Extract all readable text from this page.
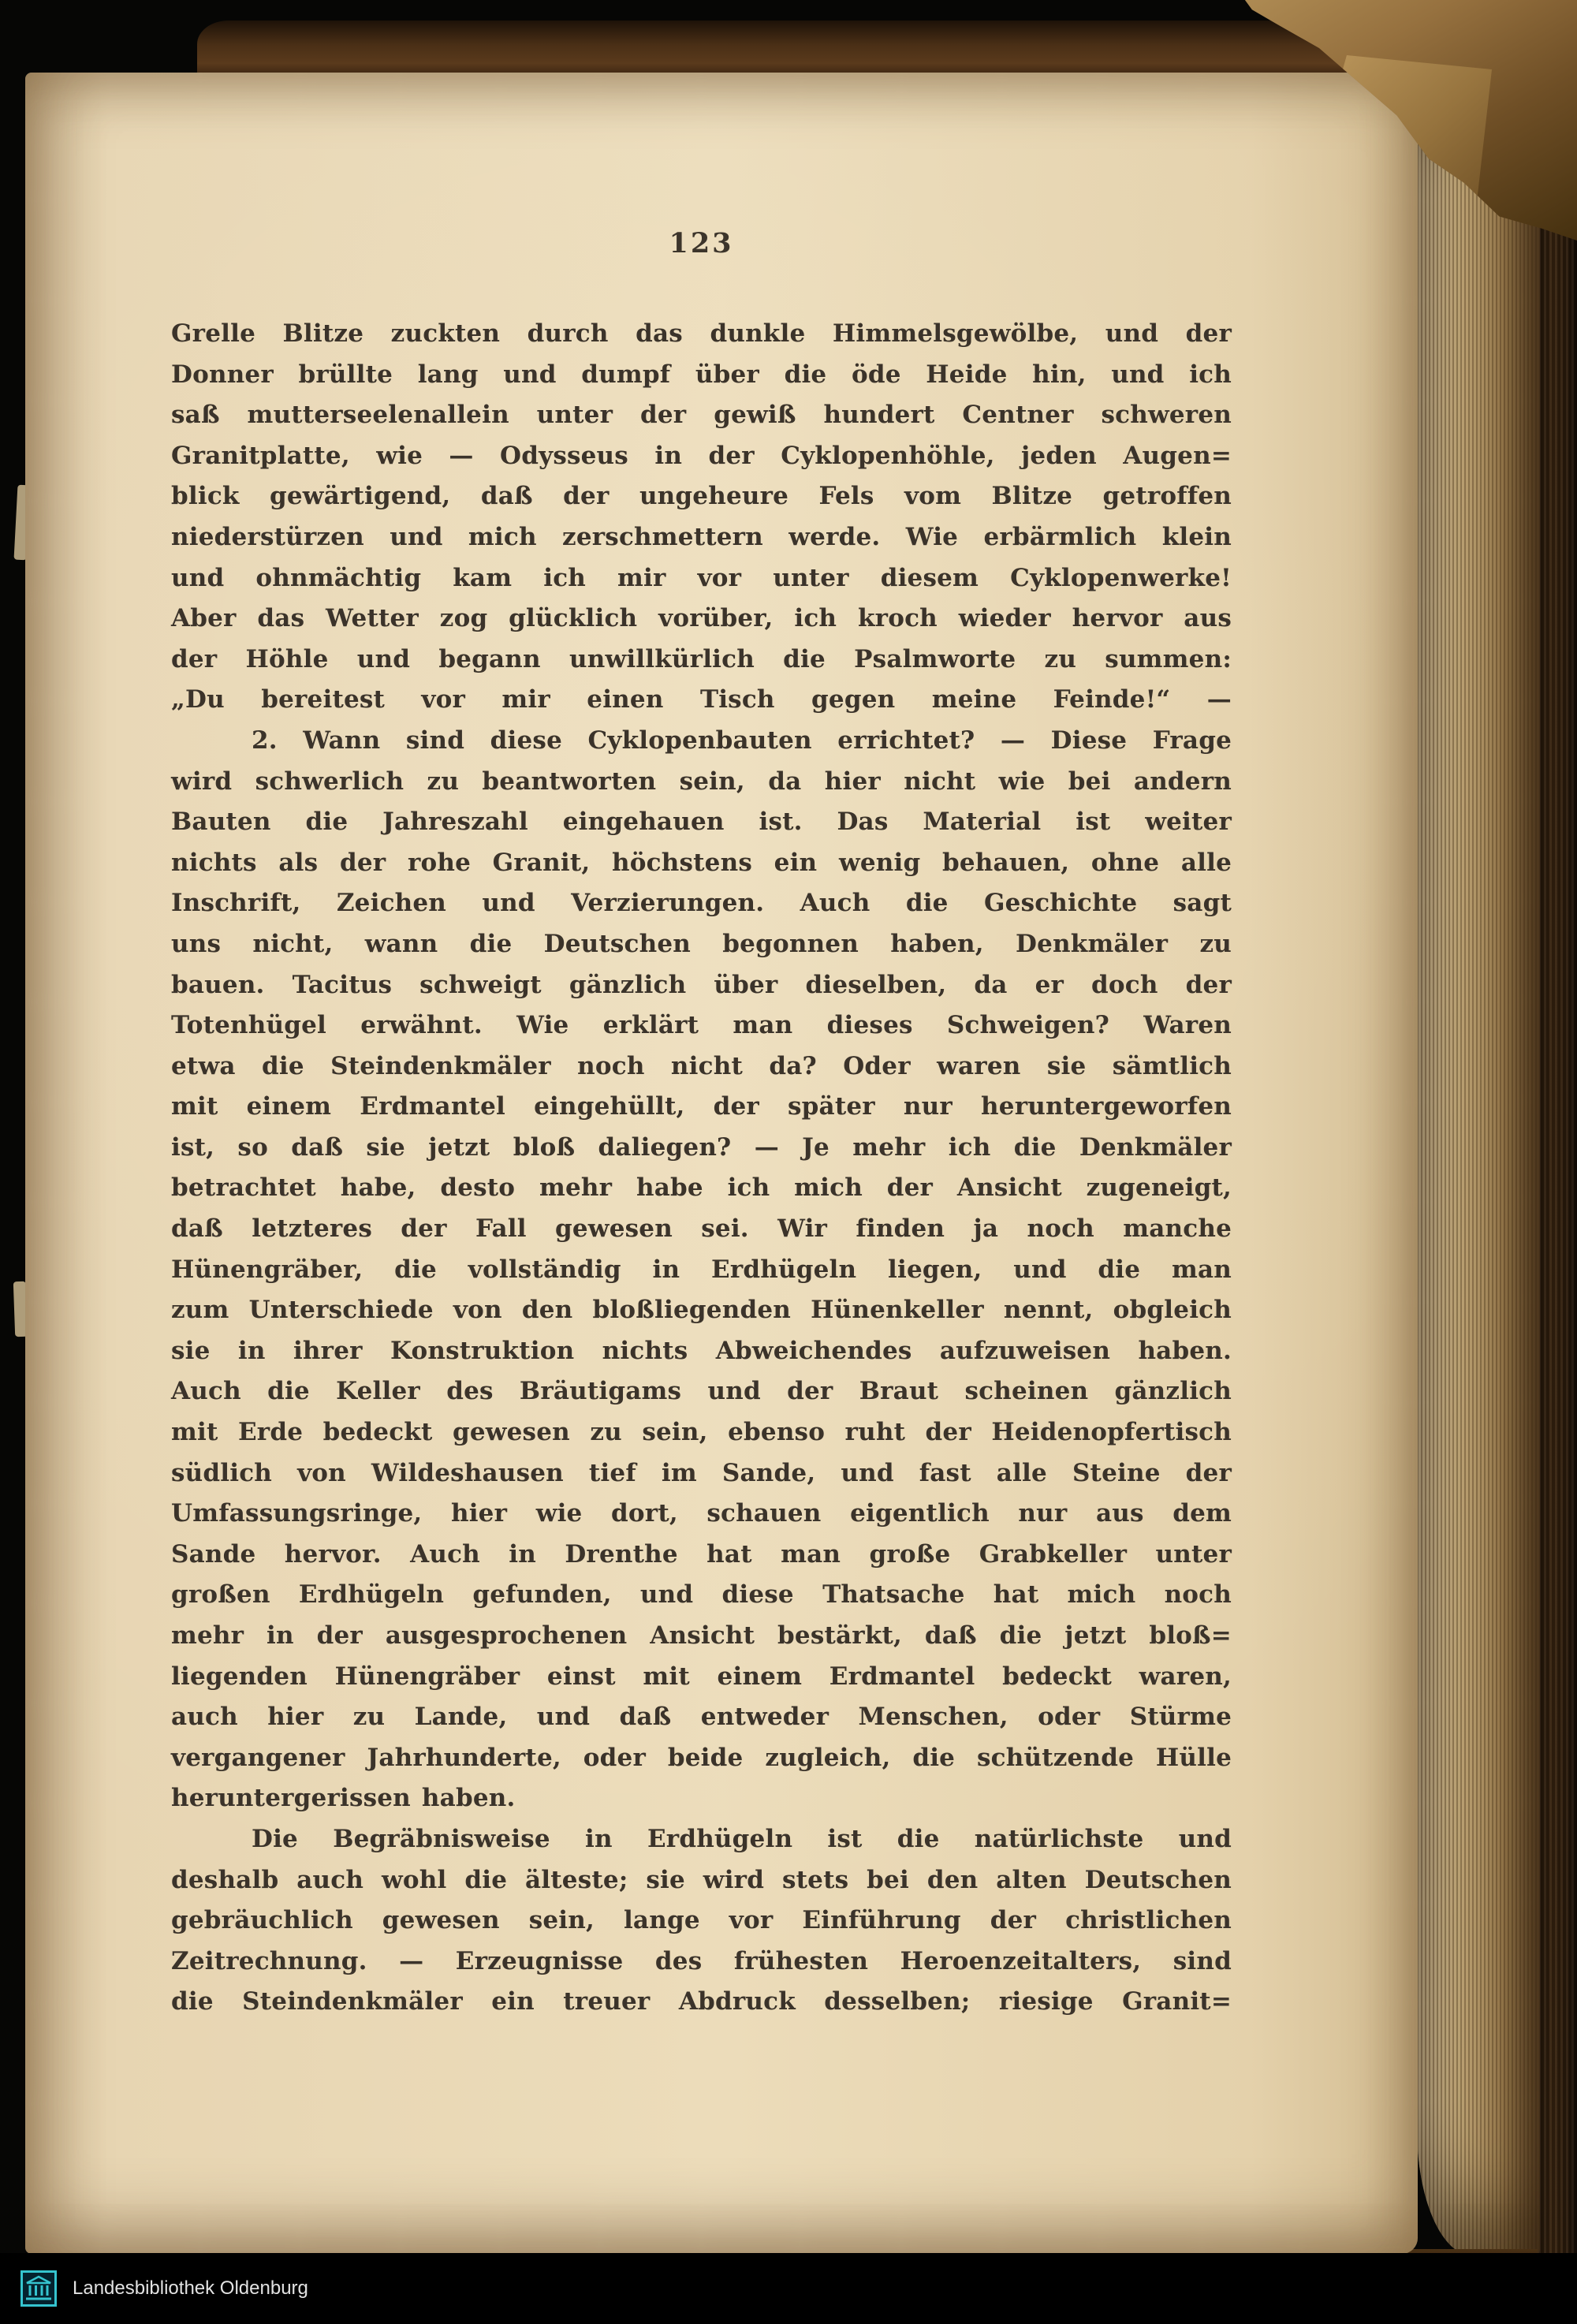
123
Grelle Blitze zuckten durch das dunkle Himmelsgewölbe, und der
Donner brüllte lang und dumpf über die öde Heide hin, und ich
saß mutterseelenallein unter der gewiß hundert Centner schweren
Granitplatte, wie — Odysseus in der Cyklopenhöhle, jeden Augen=
blick gewärtigend, daß der ungeheure Fels vom Blitze getroffen
niederstürzen und mich zerschmettern werde. Wie erbärmlich klein
und ohnmächtig kam ich mir vor unter diesem Cyklopenwerke!
Aber das Wetter zog glücklich vorüber, ich kroch wieder hervor aus
der Höhle und begann unwillkürlich die Psalmworte zu summen:
„Du bereitest vor mir einen Tisch gegen meine Feinde!“ —
2. Wann sind diese Cyklopenbauten errichtet? — Diese Frage
wird schwerlich zu beantworten sein, da hier nicht wie bei andern
Bauten die Jahreszahl eingehauen ist. Das Material ist weiter
nichts als der rohe Granit, höchstens ein wenig behauen, ohne alle
Inschrift, Zeichen und Verzierungen. Auch die Geschichte sagt
uns nicht, wann die Deutschen begonnen haben, Denkmäler zu
bauen. Tacitus schweigt gänzlich über dieselben, da er doch der
Totenhügel erwähnt. Wie erklärt man dieses Schweigen? Waren
etwa die Steindenkmäler noch nicht da? Oder waren sie sämtlich
mit einem Erdmantel eingehüllt, der später nur heruntergeworfen
ist, so daß sie jetzt bloß daliegen? — Je mehr ich die Denkmäler
betrachtet habe, desto mehr habe ich mich der Ansicht zugeneigt,
daß letzteres der Fall gewesen sei. Wir finden ja noch manche
Hünengräber, die vollständig in Erdhügeln liegen, und die man
zum Unterschiede von den bloßliegenden Hünenkeller nennt, obgleich
sie in ihrer Konstruktion nichts Abweichendes aufzuweisen haben.
Auch die Keller des Bräutigams und der Braut scheinen gänzlich
mit Erde bedeckt gewesen zu sein, ebenso ruht der Heidenopfertisch
südlich von Wildeshausen tief im Sande, und fast alle Steine der
Umfassungsringe, hier wie dort, schauen eigentlich nur aus dem
Sande hervor. Auch in Drenthe hat man große Grabkeller unter
großen Erdhügeln gefunden, und diese Thatsache hat mich noch
mehr in der ausgesprochenen Ansicht bestärkt, daß die jetzt bloß=
liegenden Hünengräber einst mit einem Erdmantel bedeckt waren,
auch hier zu Lande, und daß entweder Menschen, oder Stürme
vergangener Jahrhunderte, oder beide zugleich, die schützende Hülle
heruntergerissen haben.
Die Begräbnisweise in Erdhügeln ist die natürlichste und
deshalb auch wohl die älteste; sie wird stets bei den alten Deutschen
gebräuchlich gewesen sein, lange vor Einführung der christlichen
Zeitrechnung. — Erzeugnisse des frühesten Heroenzeitalters, sind
die Steindenkmäler ein treuer Abdruck desselben; riesige Granit=
Landesbibliothek Oldenburg
